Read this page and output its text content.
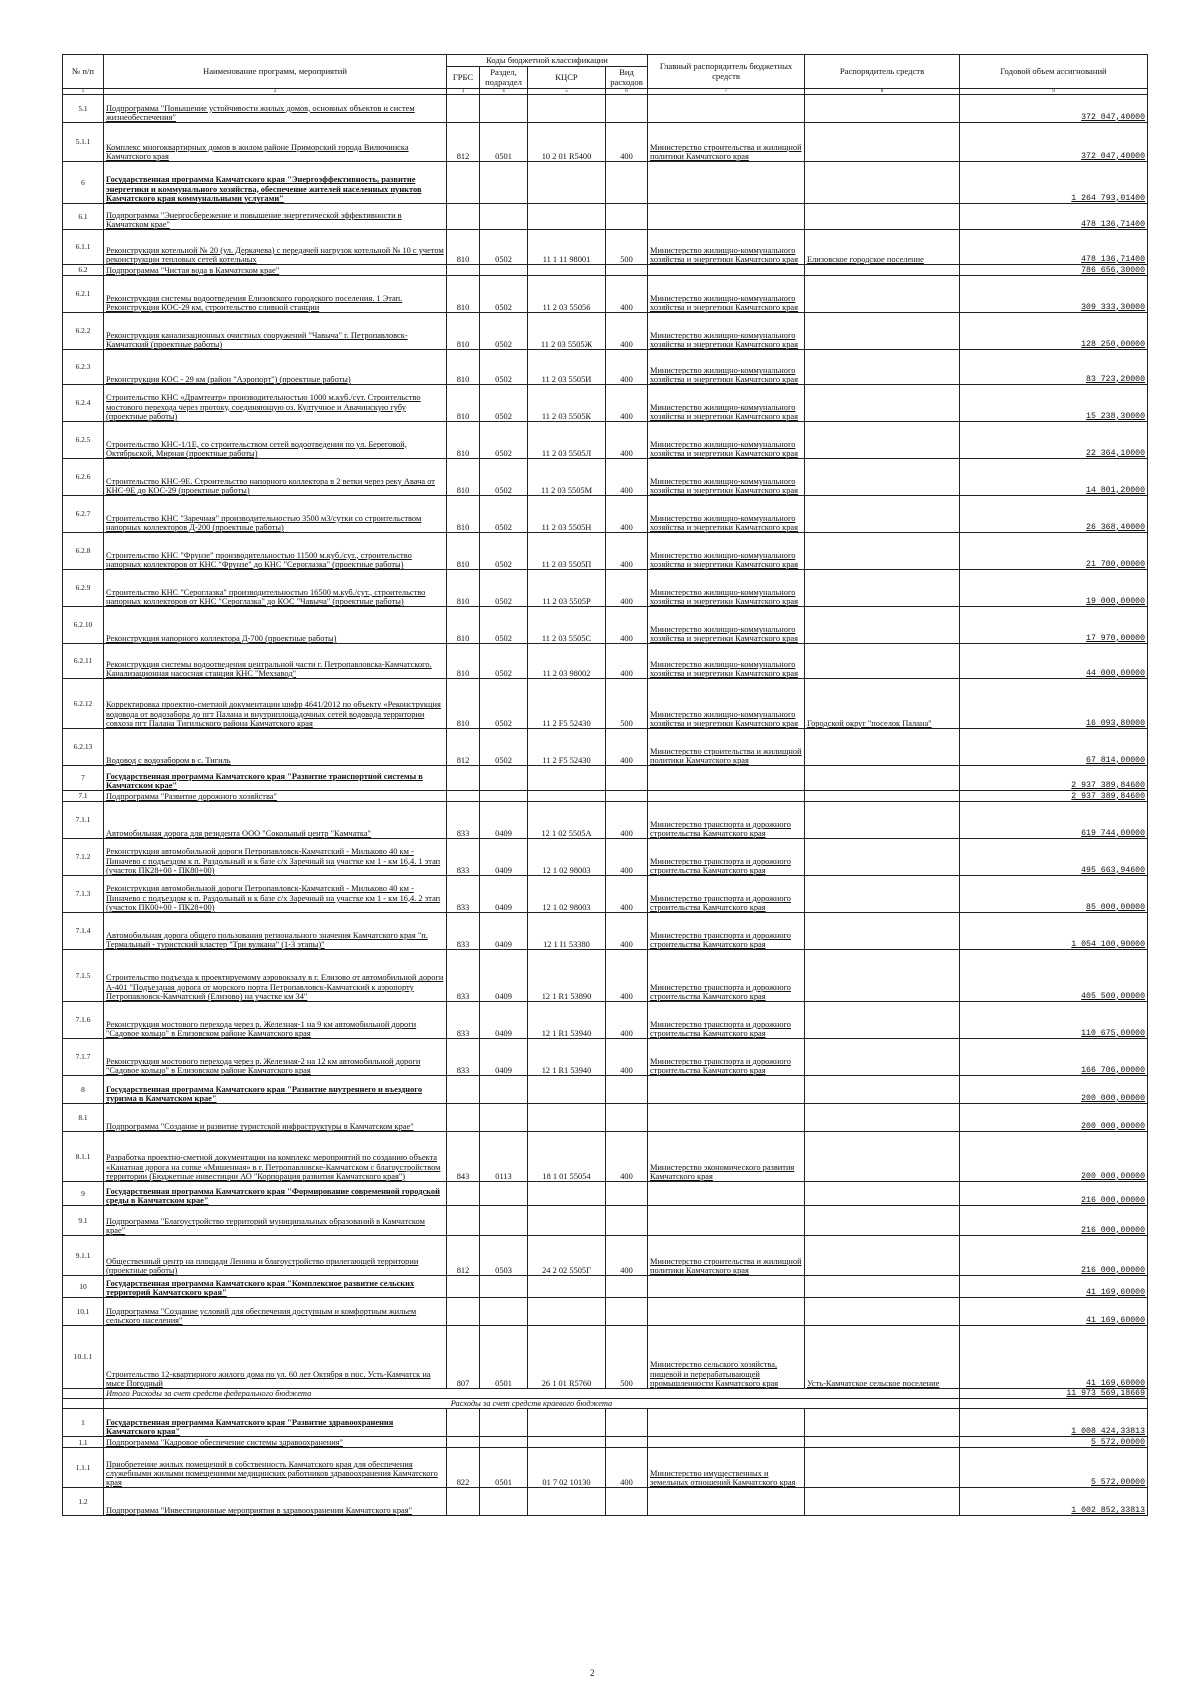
№ п/п	Наименование программ, мероприятий	Коды бюджетной классификации				Главный распорядитель бюджетных средств	Распорядитель средств	Годовой объем ассигнований
		ГРБС	Раздел, подраздел	КЦСР	Вид расходов			
1	2	3	4	5	6	7	8	9
5.1	Подпрограмма "Повышение устойчивости жилых домов, основных объектов и систем жизнеобеспечения"							372 047,40000
5.1.1	Комплекс многоквартирных домов в жилом районе Приморский города Вилючинска Камчатского края	812	0501	10 2 01 R5400	400	Министерство строительства и жилищной политики Камчатского края		372 047,40000
6	Государственная программа Камчатского края "Энергоэффективность, развитие энергетики и коммунального хозяйства, обеспечение жителей населенных пунктов Камчатского края коммунальными услугами"							1 264 793,01400
6.1	Подпрограмма "Энергосбережение и повышение энергетической эффективности в Камчатском крае"							478 136,71400
6.1.1	Реконструкция котельной № 20 (ул. Деркачева) с передачей нагрузок котельной № 10 с учетом реконструкции тепловых сетей котельных	810	0502	11 1 11 98001	500	Министерство жилищно-коммунального хозяйства и энергетики Камчатского края	Елизовское городское поселение	478 136,71400
6.2	Подпрограмма "Чистая вода в Камчатском крае"							786 656,30000
6.2.1	Реконструкция системы водоотведения Елизовского городского поселения. 1 Этап. Реконструкция КОС-29 км, строительство сливной станции	810	0502	11 2 03 55056	400	Министерство жилищно-коммунального хозяйства и энергетики Камчатского края		309 333,30000
6.2.2	Реконструкция канализационных очистных сооружений "Чавыча" г. Петропавловск-Камчатский (проектные работы)	810	0502	11 2 03 5505Ж	400	Министерство жилищно-коммунального хозяйства и энергетики Камчатского края		128 250,00000
6.2.3	Реконструкция КОС - 29 км (район "Аэропорт") (проектные работы)	810	0502	11 2 03 5505И	400	Министерство жилищно-коммунального хозяйства и энергетики Камчатского края		83 723,20000
6.2.4	Строительство КНС «Драмтеатр» производительностью 1000 м.куб./сут. Строительство мостового перехода через протоку, соединяющую оз. Култучное и Авачинскую губу (проектные работы)	810	0502	11 2 03 5505К	400	Министерство жилищно-коммунального хозяйства и энергетики Камчатского края		15 238,30000
6.2.5	Строительство КНС-1/1Е, со строительством сетей водоотведения по ул. Береговой, Октябрьской, Мирная (проектные работы)	810	0502	11 2 03 5505Л	400	Министерство жилищно-коммунального хозяйства и энергетики Камчатского края		22 364,10000
6.2.6	Строительство КНС-9Е. Строительство напорного коллектора в 2 ветки через реку Авача от КНС-9Е до КОС-29 (проектные работы)	810	0502	11 2 03 5505М	400	Министерство жилищно-коммунального хозяйства и энергетики Камчатского края		14 801,20000
6.2.7	Строительство КНС "Заречная" производительностью 3500 м3/сутки со строительством напорных коллекторов Д-200 (проектные работы)	810	0502	11 2 03 5505Н	400	Министерство жилищно-коммунального хозяйства и энергетики Камчатского края		26 368,40000
6.2.8	Строительство КНС "Фрунзе" производительностью 11500 м.куб./сут., строительство напорных коллекторов от КНС "Фрунзе" до КНС "Сероглазка" (проектные работы)	810	0502	11 2 03 5505П	400	Министерство жилищно-коммунального хозяйства и энергетики Камчатского края		21 700,00000
6.2.9	Строительство КНС "Сероглазка" производительностью 16500 м.куб./сут., строительство напорных коллекторов от КНС "Сероглазка" до КОС "Чавыча" (проектные работы)	810	0502	11 2 03 5505Р	400	Министерство жилищно-коммунального хозяйства и энергетики Камчатского края		19 000,00000
6.2.10	Реконструкция напорного коллектора Д-700 (проектные работы)	810	0502	11 2 03 5505С	400	Министерство жилищно-коммунального хозяйства и энергетики Камчатского края		17 970,00000
6.2.11	Реконструкция системы водоотведения центральной части г. Петропавловска-Камчатского. Канализационная насосная станция КНС "Мехзавод"	810	0502	11 2 03 98002	400	Министерство жилищно-коммунального хозяйства и энергетики Камчатского края		44 000,00000
6.2.12	Корректировка проектно-сметной документации шифр 4641/2012 по объекту «Реконструкция водовода от водозабора до пгт Палана и внутриплощадочных сетей водовода территории совхоза пгт Палана Тигильского района Камчатского края	810	0502	11 2 F5 52430	500	Министерство жилищно-коммунального хозяйства и энергетики Камчатского края	Городской округ "поселок Палана"	16 093,80000
6.2.13	Водовод с водозабором в с. Тигиль	812	0502	11 2 F5 52430	400	Министерство строительства и жилищной политики Камчатского края		67 814,00000
7	Государственная программа Камчатского края "Развитие транспортной системы в Камчатском крае"							2 937 389,84600
7.1	Подпрограмма "Развитие дорожного хозяйства"							2 937 389,84600
7.1.1	Автомобильная дорога для резидента ООО "Сокольный центр "Камчатка"	833	0409	12 1 02 5505А	400	Министерство транспорта и дорожного строительства Камчатского края		619 744,00000
7.1.2	Реконструкция автомобильной дороги Петропавловск-Камчатский - Мильково 40 км - Пиначево с подъездом к п. Раздольный и к базе с/х Заречный на участке км 1 - км 16,4. 1 этап (участок ПК28+00 - ПК80+00)	833	0409	12 1 02 98003	400	Министерство транспорта и дорожного строительства Камчатского края		495 663,94600
7.1.3	Реконструкция автомобильной дороги Петропавловск-Камчатский - Мильково 40 км - Пиначево с подъездом к п. Раздольный и к базе с/х Заречный на участке км 1 - км 16,4. 2 этап (участок ПК00+00 - ПК28+00)	833	0409	12 1 02 98003	400	Министерство транспорта и дорожного строительства Камчатского края		85 000,00000
7.1.4	Автомобильная дорога общего пользования регионального значения Камчатского края "п. Термальный - туристский кластер "Три вулкана" (1-3 этапы)"	833	0409	12 1 I1 53380	400	Министерство транспорта и дорожного строительства Камчатского края		1 054 100,90000
7.1.5	Строительство подъезда к проектируемому аэровокзалу в г. Елизово от автомобильной дороги А-401 "Подъездная дорога от морского порта Петропавловск-Камчатский к аэропорту Петропавловск-Камчатский (Елизово) на участке км 34"	833	0409	12 1 R1 53890	400	Министерство транспорта и дорожного строительства Камчатского края		405 500,00000
7.1.6	Реконструкция мостового перехода через р. Железная-1 на 9 км автомобильной дороги "Садовое кольцо" в Елизовском районе Камчатского края	833	0409	12 1 R1 53940	400	Министерство транспорта и дорожного строительства Камчатского края		110 675,00000
7.1.7	Реконструкция мостового перехода через р. Железная-2 на 12 км автомобильной дороги "Садовое кольцо" в Елизовском районе Камчатского края	833	0409	12 1 R1 53940	400	Министерство транспорта и дорожного строительства Камчатского края		166 706,00000
8	Государственная программа Камчатского края "Развитие внутреннего и въездного туризма в Камчатском крае"							200 000,00000
8.1	Подпрограмма "Создание и развитие туристской инфраструктуры в Камчатском крае"							200 000,00000
8.1.1	Разработка проектно-сметной документации на комплекс мероприятий по созданию объекта «Канатная дорога на сопке «Мишенная» в г. Петропавловске-Камчатском с благоустройством территории (Бюджетные инвестиции АО "Корпорация развития Камчатского края")	843	0113	18 1 01 55054	400	Министерство экономического развития Камчатского края		200 000,00000
9	Государственная программа Камчатского края "Формирование современной городской среды в Камчатском крае"							216 000,00000
9.1	Подпрограмма "Благоустройство территорий муниципальных образований в Камчатском крае"							216 000,00000
9.1.1	Общественный центр на площади Ленина и благоустройство прилегающей территории (проектные работы)	812	0503	24 2 02 5505Г	400	Министерство строительства и жилищной политики Камчатского края		216 000,00000
10	Государственная программа Камчатского края "Комплексное развитие сельских территорий Камчатского края"							41 169,60000
10.1	Подпрограмма "Создание условий для обеспечения доступным и комфортным жильем сельского населения"							41 169,60000
10.1.1	Строительство 12-квартирного жилого дома по ул. 60 лет Октября в пос. Усть-Камчатск на мысе Погодный	807	0501	26 1 01 R5760	500	Министерство сельского хозяйства, пищевой и перерабатывающей промышленности Камчатского края	Усть-Камчатское сельское поселение	41 169,60000
	Итого Расходы за счет средств федерального бюджета							11 973 569,18669
	Расходы за счет средств краевого бюджета							
1	Государственная программа Камчатского края "Развитие здравоохранения Камчатского края"							1 008 424,33813
1.1	Подпрограмма "Кадровое обеспечение системы здравоохранения"							5 572,00000
1.1.1	Приобретение жилых помещений в собственность Камчатского края для обеспечения служебными жилыми помещениями медицинских работников здравоохранения Камчатского края	822	0501	01 7 02 10130	400	Министерство имущественных и земельных отношений Камчатского края		5 572,00000
1.2	Подпрограмма "Инвестиционные мероприятия в здравоохранении Камчатского края"							1 002 852,33813
2
